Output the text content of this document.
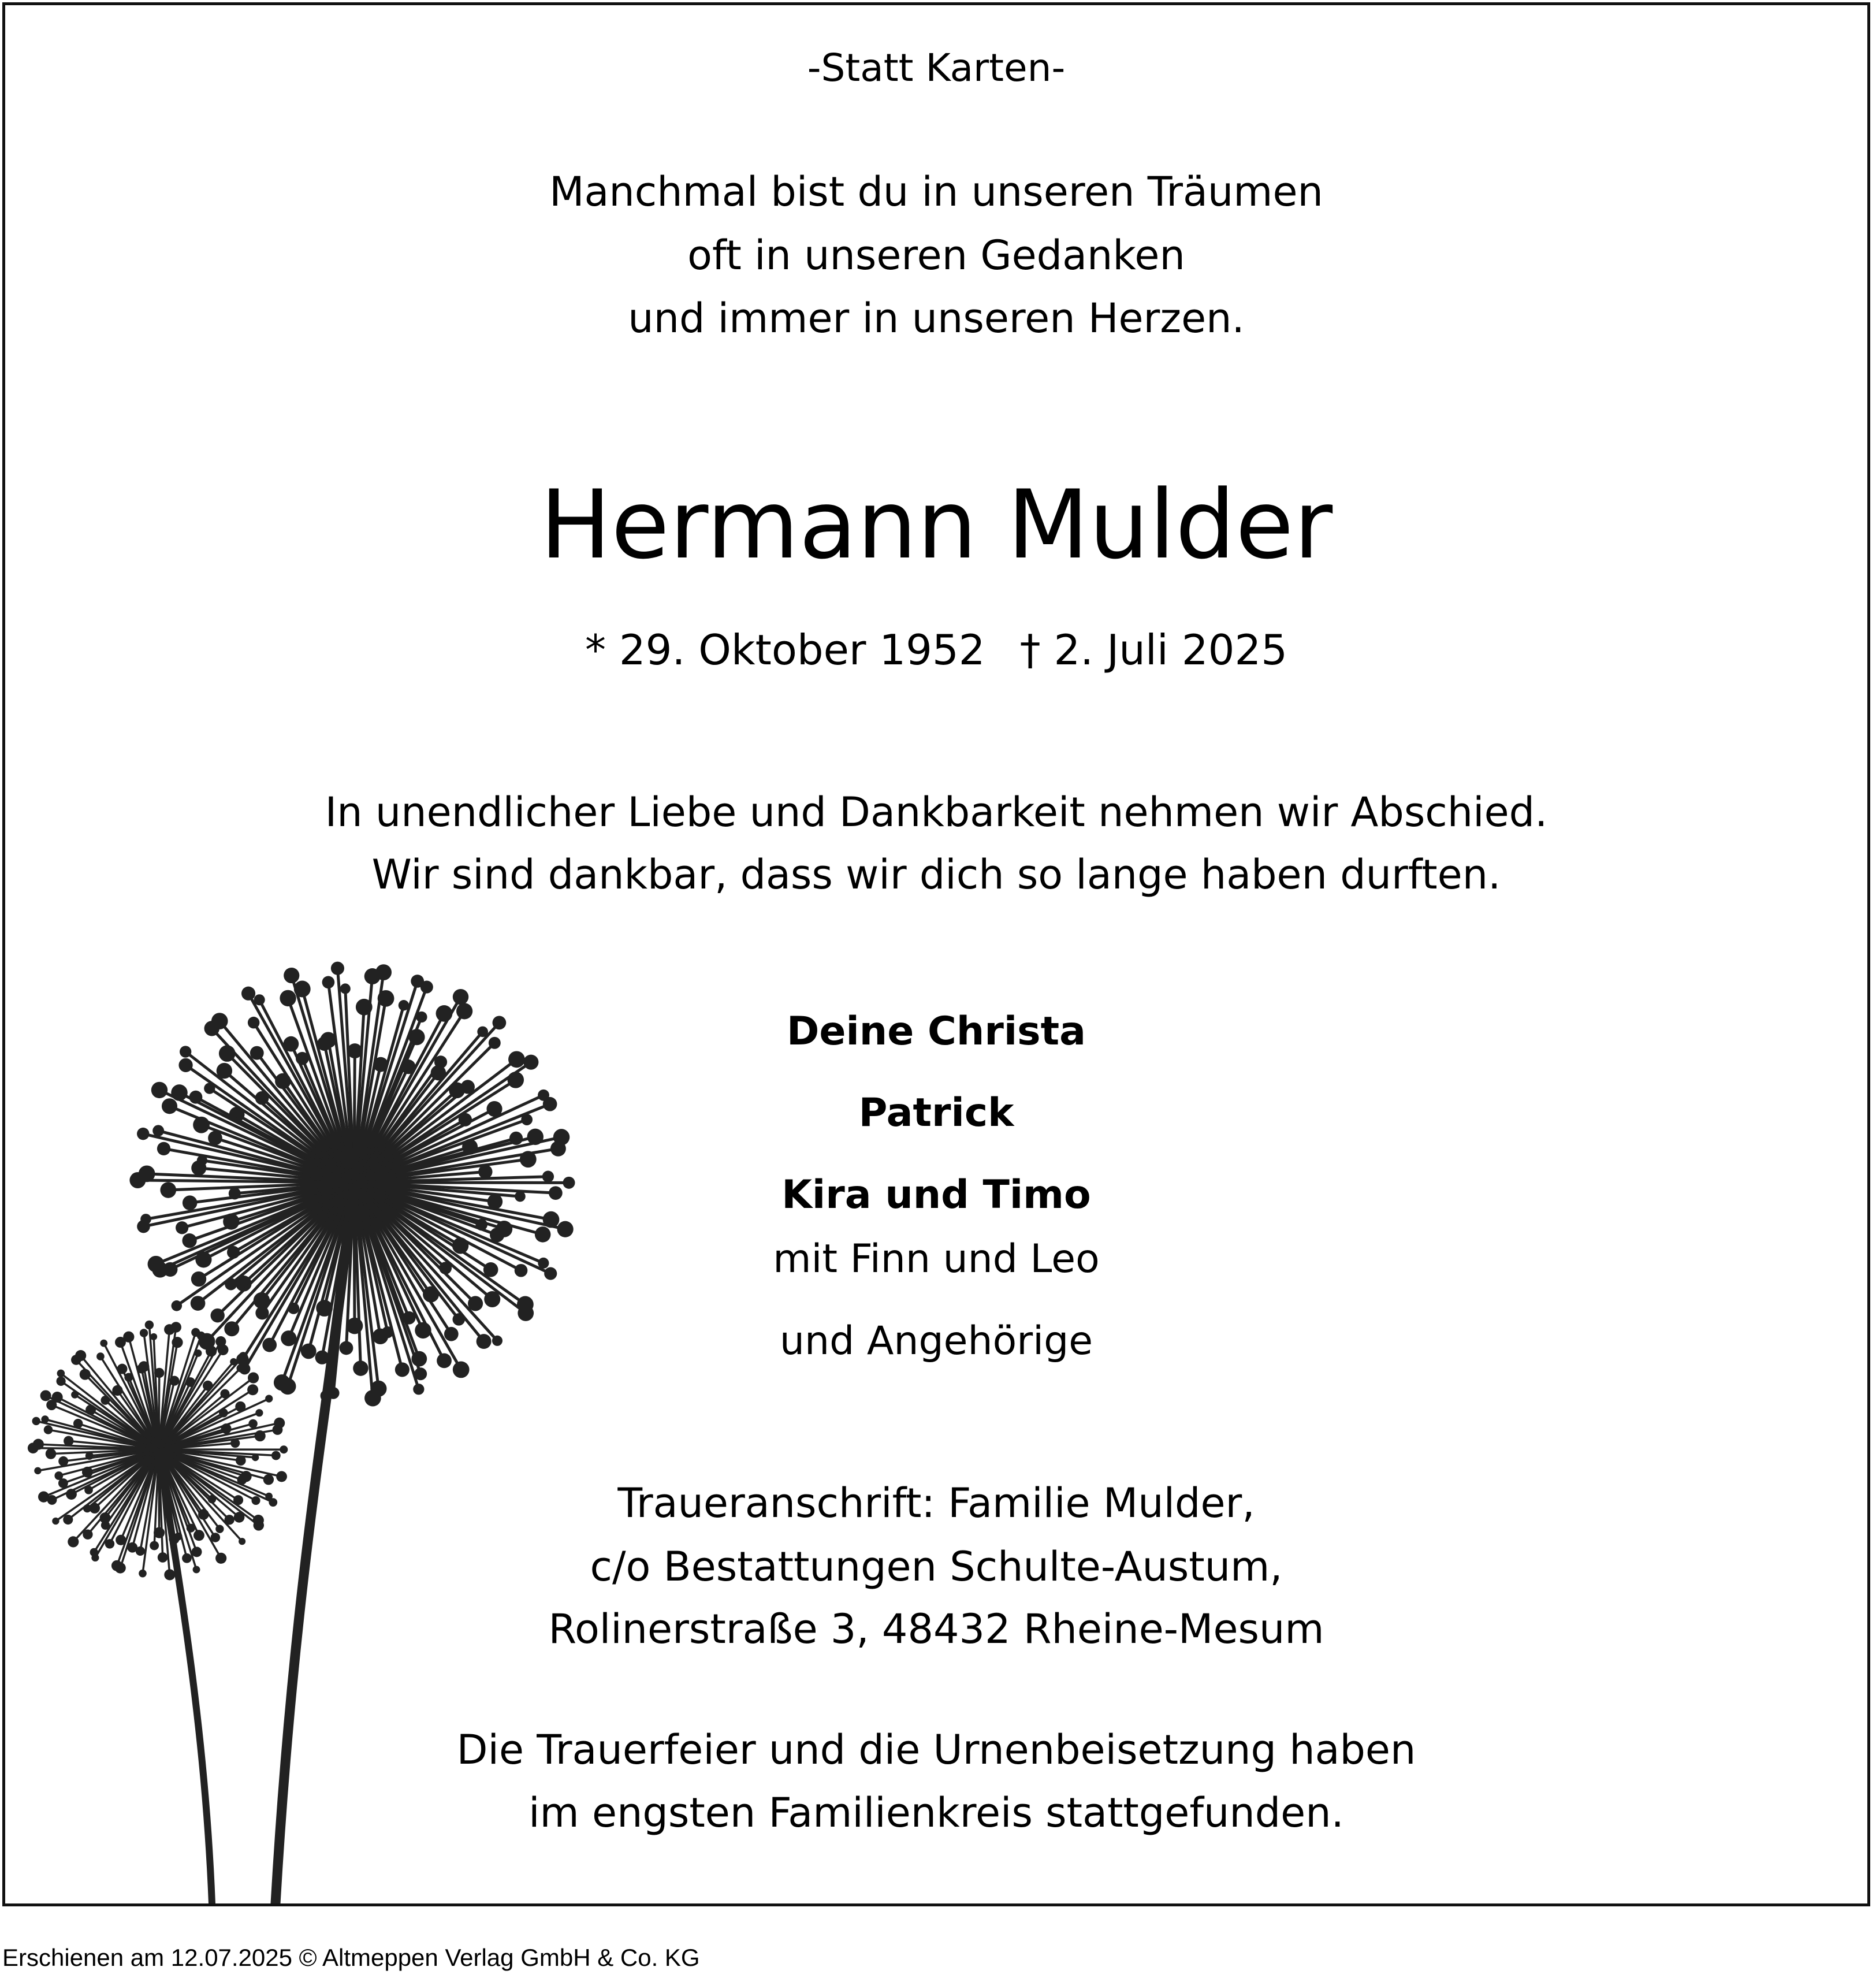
-Statt Karten-
Manchmal bist du in unseren Träumen
oft in unseren Gedanken
und immer in unseren Herzen.
Hermann Mulder
* 29. Oktober 1952 † 2. Juli 2025
In unendlicher Liebe und Dankbarkeit nehmen wir Abschied.
Wir sind dankbar, dass wir dich so lange haben durften.
Deine Christa
Patrick
Kira und Timo
mit Finn und Leo
und Angehörige
Traueranschrift: Familie Mulder,
c/o Bestattungen Schulte-Austum,
Rolinerstraße 3, 48432 Rheine-Mesum
Die Trauerfeier und die Urnenbeisetzung haben
im engsten Familienkreis stattgefunden.
Erschienen am 12.07.2025 © Altmeppen Verlag GmbH & Co. KG
